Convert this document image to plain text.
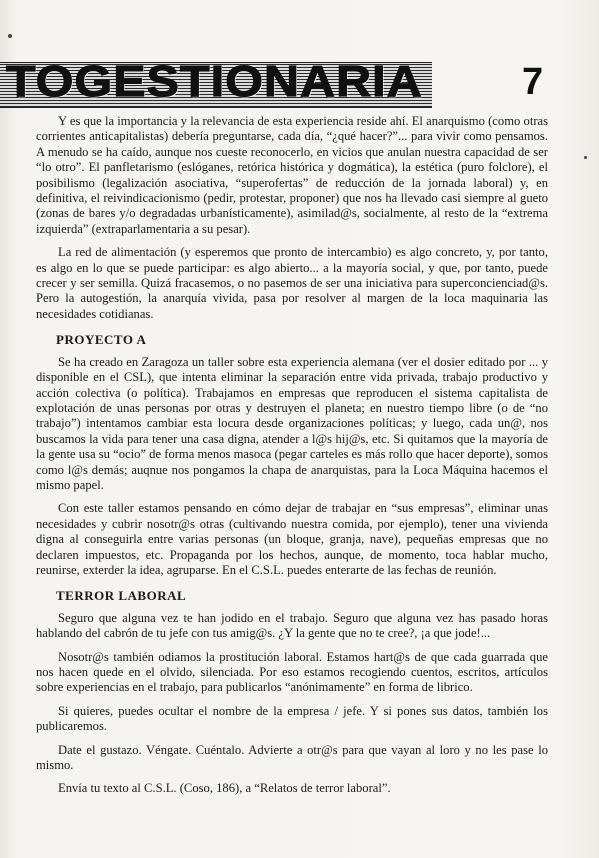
TOGESTIONARIA	7

Y es que la importancia y la relevancia de esta experiencia reside ahí. El anarquismo (como otras corrientes anticapitalistas) debería preguntarse, cada día, “¿qué hacer?”... para vivir como pensamos. A menudo se ha caído, aunque nos cueste reconocerlo, en vicios que anulan nuestra capacidad de ser “lo otro”. El panfletarismo (eslóganes, retórica histórica y dogmática), la estética (puro folclore), el posibilismo (legalización asociativa, “superofertas” de reducción de la jornada laboral) y, en definitiva, el reivindicacionismo (pedir, protestar, proponer) que nos ha llevado casi siempre al gueto (zonas de bares y/o degradadas urbanísticamente), asimilad@s, socialmente, al resto de la “extrema izquierda” (extraparlamentaria a su pesar).

La red de alimentación (y esperemos que pronto de intercambio) es algo concreto, y, por tanto, es algo en lo que se puede participar: es algo abierto... a la mayoría social, y que, por tanto, puede crecer y ser semilla. Quizá fracasemos, o no pasemos de ser una iniciativa para superconcienciad@s. Pero la autogestión, la anarquía vivida, pasa por resolver al margen de la loca maquinaria las necesidades cotidianas.

PROYECTO A

Se ha creado en Zaragoza un taller sobre esta experiencia alemana (ver el dosier editado por ... y disponible en el CSL), que intenta eliminar la separación entre vida privada, trabajo productivo y acción colectiva (o política). Trabajamos en empresas que reproducen el sistema capitalista de explotación de unas personas por otras y destruyen el planeta; en nuestro tiempo libre (o de “no trabajo”) intentamos cambiar esta locura desde organizaciones políticas; y luego, cada un@, nos buscamos la vida para tener una casa digna, atender a l@s hij@s, etc. Si quitamos que la mayoría de la gente usa su “ocio” de forma menos masoca (pegar carteles es más rollo que hacer deporte), somos como l@s demás; auqnue nos pongamos la chapa de anarquistas, para la Loca Máquina hacemos el mismo papel.

Con este taller estamos pensando en cómo dejar de trabajar en “sus empresas”, eliminar unas necesidades y cubrir nosotr@s otras (cultivando nuestra comida, por ejemplo), tener una vivienda digna al conseguirla entre varias personas (un bloque, granja, nave), pequeñas empresas que no declaren impuestos, etc. Propaganda por los hechos, aunque, de momento, toca hablar mucho, reunirse, exterder la idea, agruparse. En el C.S.L. puedes enterarte de las fechas de reunión.

TERROR LABORAL

Seguro que alguna vez te han jodido en el trabajo. Seguro que alguna vez has pasado horas hablando del cabrón de tu jefe con tus amig@s. ¿Y la gente que no te cree?, ¡a que jode!...

Nosotr@s también odiamos la prostitución laboral. Estamos hart@s de que cada guarrada que nos hacen quede en el olvido, silenciada. Por eso estamos recogiendo cuentos, escritos, artículos sobre experiencias en el trabajo, para publicarlos “anónimamente” en forma de librico.

Si quieres, puedes ocultar el nombre de la empresa / jefe. Y si pones sus datos, también los publicaremos.

Date el gustazo. Véngate. Cuéntalo. Advierte a otr@s para que vayan al loro y no les pase lo mismo.

Envía tu texto al C.S.L. (Coso, 186), a “Relatos de terror laboral”.
